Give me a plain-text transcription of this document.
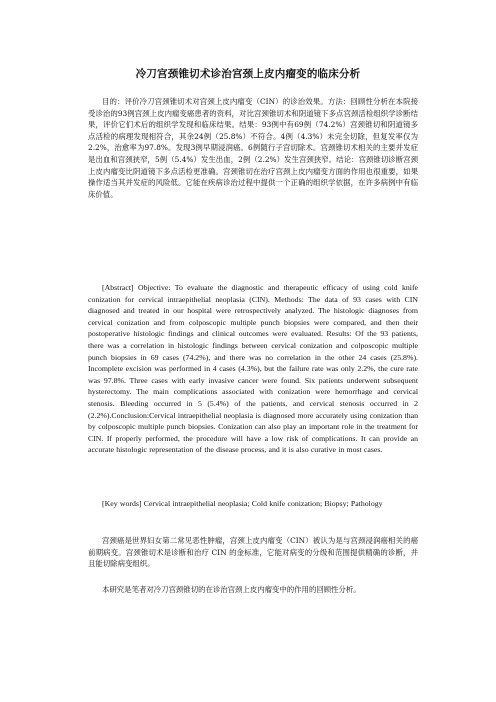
冷刀宫颈锥切术诊治宫颈上皮内瘤变的临床分析

目的：评价冷刀宫颈锥切术对宫颈上皮内瘤变（CIN）的诊治效果。方法：回顾性分析在本院接受诊治的93例宫颈上皮内瘤变癌患者的资料，对比宫颈锥切术和阴道镜下多点宫颈活检组织学诊断结果，评价它们术后的组织学发现和临床结果。结果：93例中有69例（74.2%）宫颈锥切和阴道镜多点活检的病理发现相符合，其余24例（25.8%）不符合。4例（4.3%）未完全切除，但复发率仅为2.2%，治愈率为97.8%。发现3例早期浸润癌。6例随行子宫切除术。宫颈锥切术相关的主要并发症是出血和宫颈狭窄，5例（5.4%）发生出血，2例（2.2%）发生宫颈狭窄。结论：宫颈锥切诊断宫颈上皮内瘤变比阴道镜下多点活检更准确。宫颈锥切在治疗宫颈上皮内瘤变方面的作用也很重要，如果操作适当其并发症的风险低。它能在疾病诊治过程中提供一个正确的组织学依据，在许多病例中有临床价值。

[Abstract] Objective: To evaluate the diagnostic and therapeutic efficacy of using cold knife conization for cervical intraepithelial neoplasia (CIN). Methods: The data of 93 cases with CIN diagnosed and treated in our hospital were retrospectively analyzed. The histologic diagnoses from cervical conization and from colposcopic multiple punch biopsies were compared, and then their postoperative histologic findings and clinical outcomes were evaluated. Results: Of the 93 patients, there was a correlation in histologic findings between cervical conization and colposcopic multiple punch biopsies in 69 cases (74.2%), and there was no correlation in the other 24 cases (25.8%). Incomplete excision was performed in 4 cases (4.3%), but the failure rate was only 2.2%, the cure rate was 97.8%. Three cases with early invasive cancer were found. Six patients underwent subsequent hysterectomy. The main complications associated with conization were hemorrhage and cervical stenosis. Bleeding occurred in 5 (5.4%) of the patients, and cervical stenosis occurred in 2 (2.2%).Conclusion:Cervical intraepithelial neoplasia is diagnosed more accurately using conization than by colposcopic multiple punch biopsies. Conization can also play an important role in the treatment for CIN. If properly performed, the procedure will have a low risk of complications. It can provide an accurate histologic representation of the disease process, and it is also curative in most cases.

[Key words] Cervical intraepithelial neoplasia; Cold knife conization; Biopsy; Pathology

宫颈癌是世界妇女第二常见恶性肿瘤，宫颈上皮内瘤变（CIN）被认为是与宫颈浸润癌相关的癌前期病变。宫颈锥切术是诊断和治疗 CIN 的金标准，它能对病变的分级和范围提供精确的诊断，并且能切除病变组织。

本研究是笔者对冷刀宫颈锥切的在诊治宫颈上皮内瘤变中的作用的回顾性分析。
